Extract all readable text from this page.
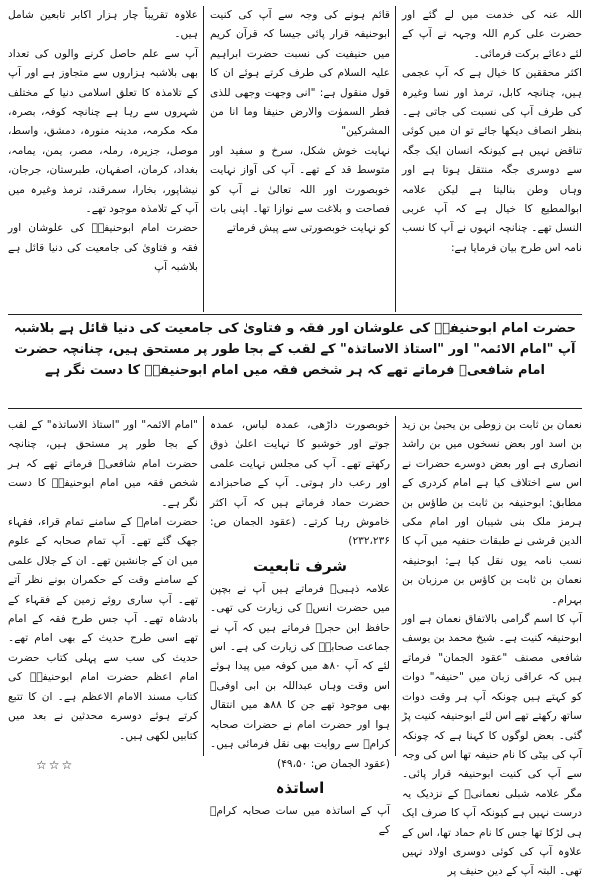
اللہ عنہ کی خدمت میں لے گئے اور حضرت علی کرم اللہ وجہہ نے آپ کے لئے دعائے برکت فرمائی۔

اکثر محققین کا خیال ہے کہ آپ عجمی ہیں، چنانچہ کابل، ترمذ اور نسا وغیرہ کی طرف آپ کی نسبت کی جاتی ہے۔ بنظر انصاف دیکھا جائے تو ان میں کوئی تناقض نہیں ہے کیونکہ انسان ایک جگہ سے دوسری جگہ منتقل ہوتا ہے اور وہاں وطن بنالیتا ہے لیکن علامہ ابوالمطیع کا خیال ہے کہ آپ عربی النسل تھے۔ چنانچہ انہوں نے آپ کا نسب نامہ اس طرح بیان فرمایا ہے:

قائم ہونے کی وجہ سے آپ کی کنیت ابوحنیفہ قرار پائی جیسا کہ قرآن کریم میں حنیفیت کی نسبت حضرت ابراہیم علیہ السلام کی طرف کرتے ہوئے ان کا قول منقول ہے: "انی وجھت وجھی للذی فطر السموٰت والارض حنیفا وما انا من المشرکین"

نہایت خوش شکل، سرخ و سفید اور متوسط قد کے تھے۔ آپ کی آواز نہایت خوبصورت اور اللہ تعالیٰ نے آپ کو فصاحت و بلاغت سے نوازا تھا۔ اپنی بات کو نہایت خوبصورتی سے پیش فرماتے

علاوہ تقریباً چار ہزار اکابر تابعین شامل ہیں۔

آپ سے علم حاصل کرنے والوں کی تعداد بھی بلاشبہ ہزاروں سے متجاوز ہے اور آپ کے تلامذہ کا تعلق اسلامی دنیا کے مختلف شہروں سے رہا ہے چنانچہ کوفہ، بصرہ، مکہ مکرمہ، مدینہ منورہ، دمشق، واسط، موصل، جزیرہ، رملہ، مصر، یمن، یمامہ، بغداد، کرمان، اصفہان، طبرستان، جرجان، نیشاپور، بخارا، سمرقند، ترمذ وغیرہ میں آپ کے تلامذہ موجود تھے۔

حضرت امام ابوحنیفہؒ کی علوشان اور فقہ و فتاویٰ کی جامعیت کی دنیا قائل ہے بلاشبہ آپ

حضرت امام ابوحنیفہؒ کی علوشان اور فقہ و فتاویٰ کی جامعیت کی دنیا قائل ہے بلاشبہ آپ "امام الائمہ" اور "استاذ الاساتذہ" کے لقب کے بجا طور پر مستحق ہیں، چنانچہ حضرت امام شافعیؒ فرماتے تھے کہ ہر شخص فقہ میں امام ابوحنیفہؒ کا دست نگر ہے

نعمان بن ثابت بن زوطی بن یحییٰ بن زید بن اسد اور بعض نسخوں میں بن راشد انصاری ہے اور بعض دوسرے حضرات نے اس سے اختلاف کیا ہے امام کردری کے مطابق: ابوحنیفہ بن ثابت بن طاؤس بن ہرمز ملک بنی شیبان اور امام مکی الدین قرشی نے طبقات حنفیہ میں آپ کا نسب نامہ یوں نقل کیا ہے: ابوحنیفہ نعمان بن ثابت بن کاؤس بن مرزبان بن بہرام۔

آپ کا اسم گرامی بالاتفاق نعمان ہے اور ابوحنیفہ کنیت ہے۔ شیخ محمد بن یوسف شافعی مصنف "عقود الجمان" فرماتے ہیں کہ عراقی زبان میں "حنیفہ" دوات کو کہتے ہیں چونکہ آپ ہر وقت دوات ساتھ رکھتے تھے اس لئے ابوحنیفہ کنیت پڑ گئی۔ بعض لوگوں کا کہنا ہے کہ چونکہ آپ کی بیٹی کا نام حنیفہ تھا اس کی وجہ سے آپ کی کنیت ابوحنیفہ قرار پائی۔ مگر علامہ شبلی نعمانیؒ کے نزدیک یہ درست نہیں ہے کیونکہ آپ کا صرف ایک ہی لڑکا تھا جس کا نام حماد تھا، اس کے علاوہ آپ کی کوئی دوسری اولاد نہیں تھی۔ البتہ آپ کے دین حنیف پر

خوبصورت داڑھی، عمدہ لباس، عمدہ جوتے اور خوشبو کا نہایت اعلیٰ ذوق رکھتے تھے۔ آپ کی مجلس نہایت علمی اور رعب دار ہوتی۔ آپ کے صاحبزادے حضرت حماد فرماتے ہیں کہ آپ اکثر خاموش رہا کرتے۔ (عقود الجمان ص: ۲۳۲،۲۳۶)

شرف تابعیت

علامہ ذہبیؒ فرماتے ہیں آپ نے بچپن میں حضرت انسؓ کی زیارت کی تھی۔ حافظ ابن حجرؒ فرماتے ہیں کہ آپ نے جماعت صحابہؓ کی زیارت کی ہے۔ اس لئے کہ آپ ۸۰ھ میں کوفہ میں پیدا ہوئے اس وقت وہاں عبداللہ بن ابی اوفیؓ بھی موجود تھے جن کا ۸۸ھ میں انتقال ہوا اور حضرت امام نے حضرات صحابہ کرامؓ سے روایت بھی نقل فرمائی ہیں۔ (عقود الجمان ص: ۴۹،۵۰)

اساتذہ

آپ کے اساتذہ میں سات صحابہ کرامؓ کے

"امام الائمہ" اور "استاذ الاساتذہ" کے لقب کے بجا طور پر مستحق ہیں، چنانچہ حضرت امام شافعیؒ فرماتے تھے کہ ہر شخص فقہ میں امام ابوحنیفہؒ کا دست نگر ہے۔

حضرت امامؒ کے سامنے تمام قراء، فقہاء جھک گئے تھے۔ آپ تمام صحابہ کے علوم میں ان کے جانشین تھے۔ ان کے جلال علمی کے سامنے وقت کے حکمران بونے نظر آتے تھے۔ آپ ساری روئے زمین کے فقہاء کے بادشاہ تھے۔ آپ جس طرح فقہ کے امام تھے اسی طرح حدیث کے بھی امام تھے۔ حدیث کی سب سے پہلی کتاب حضرت امام اعظم حضرت امام ابوحنیفہؒ کی کتاب مسند الامام الاعظم ہے۔ ان کا تتبع کرتے ہوئے دوسرے محدثین نے بعد میں کتابیں لکھی ہیں۔

☆☆☆
